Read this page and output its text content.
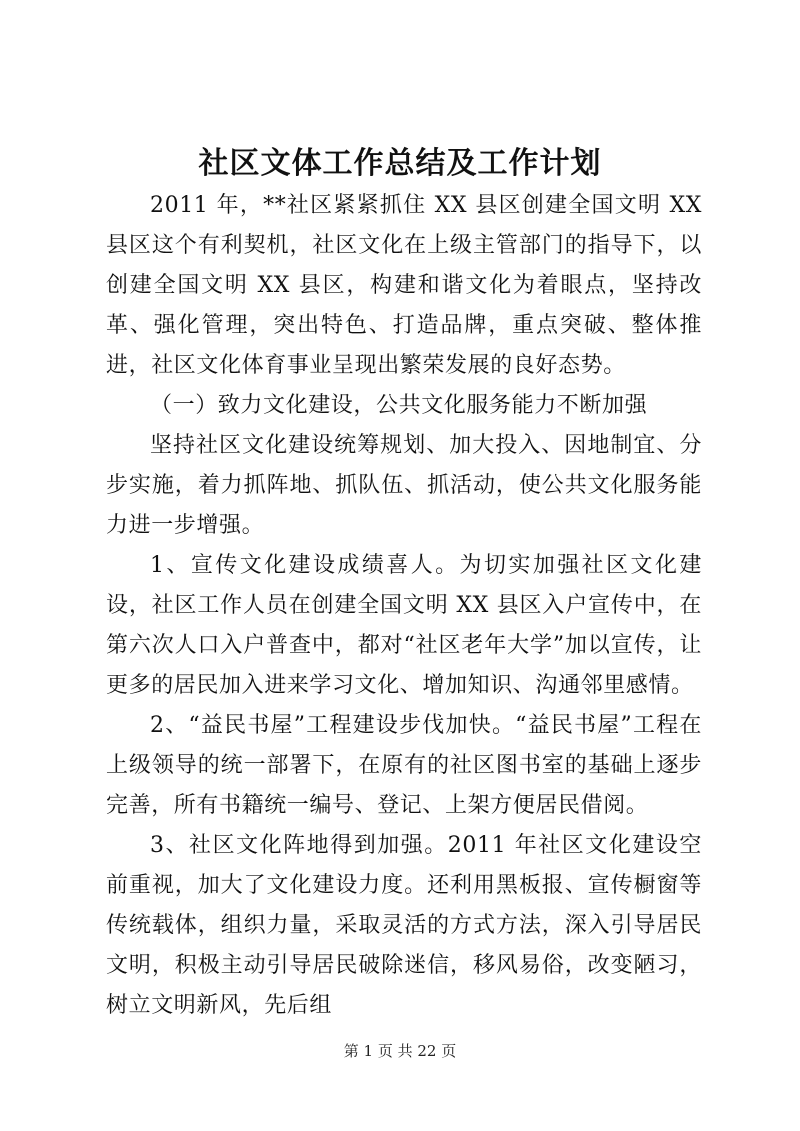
社区文体工作总结及工作计划

2011 年，**社区紧紧抓住 XX 县区创建全国文明 XX 县区这个有利契机，社区文化在上级主管部门的指导下，以创建全国文明 XX 县区，构建和谐文化为着眼点，坚持改革、强化管理，突出特色、打造品牌，重点突破、整体推进，社区文化体育事业呈现出繁荣发展的良好态势。

（一）致力文化建设，公共文化服务能力不断加强

坚持社区文化建设统筹规划、加大投入、因地制宜、分步实施，着力抓阵地、抓队伍、抓活动，使公共文化服务能力进一步增强。

1、宣传文化建设成绩喜人。为切实加强社区文化建设，社区工作人员在创建全国文明 XX 县区入户宣传中，在第六次人口入户普查中，都对“社区老年大学”加以宣传，让更多的居民加入进来学习文化、增加知识、沟通邻里感情。

2、“益民书屋”工程建设步伐加快。“益民书屋”工程在上级领导的统一部署下，在原有的社区图书室的基础上逐步完善，所有书籍统一编号、登记、上架方便居民借阅。

3、社区文化阵地得到加强。2011 年社区文化建设空前重视，加大了文化建设力度。还利用黑板报、宣传橱窗等传统载体，组织力量，采取灵活的方式方法，深入引导居民文明，积极主动引导居民破除迷信，移风易俗，改变陋习，树立文明新风，先后组

第 1 页 共 22 页
